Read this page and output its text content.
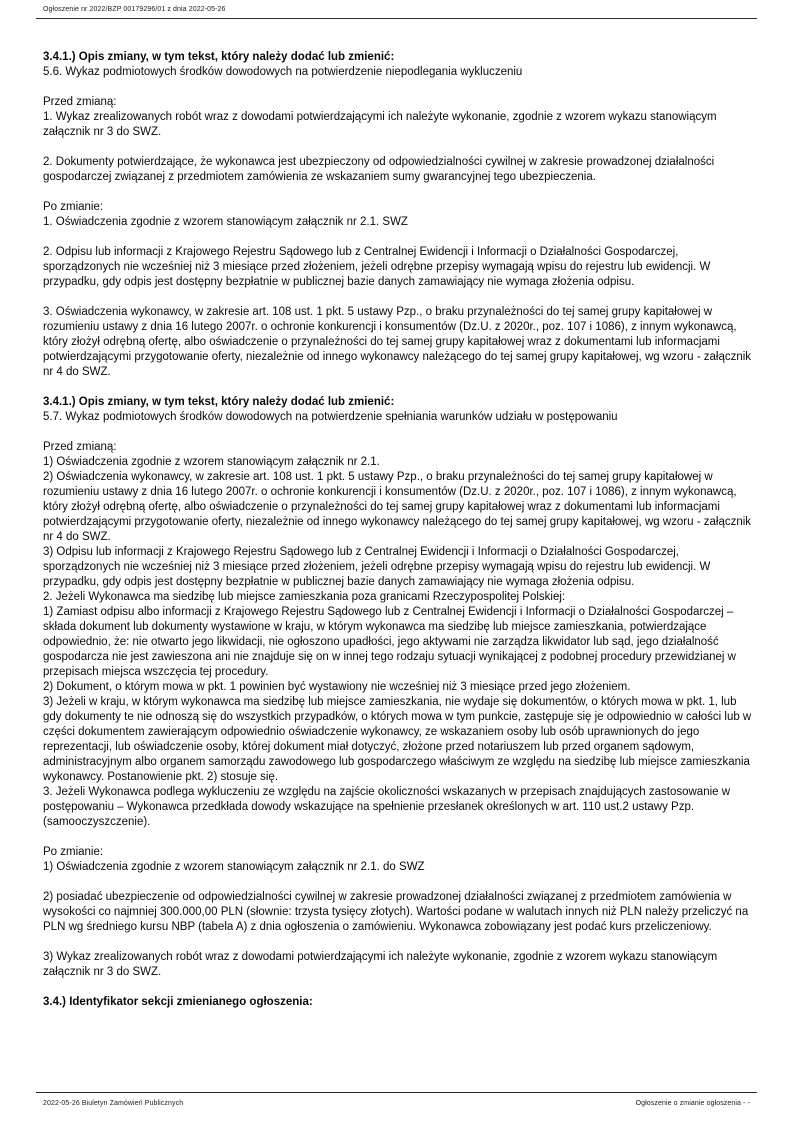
Ogłoszenie nr 2022/BZP 00179296/01 z dnia 2022-05-26

3.4.1.) Opis zmiany, w tym tekst, który należy dodać lub zmienić:

5.6. Wykaz podmiotowych środków dowodowych na potwierdzenie niepodlegania wykluczeniu

Przed zmianą:

1. Wykaz zrealizowanych robót wraz z dowodami potwierdzającymi ich należyte wykonanie, zgodnie z wzorem wykazu stanowiącym załącznik nr 3 do SWZ.

2. Dokumenty potwierdzające, że wykonawca jest ubezpieczony od odpowiedzialności cywilnej w zakresie prowadzonej działalności gospodarczej związanej z przedmiotem zamówienia ze wskazaniem sumy gwarancyjnej tego ubezpieczenia.

Po zmianie:

1. Oświadczenia zgodnie z wzorem stanowiącym załącznik nr 2.1. SWZ

2. Odpisu lub informacji z Krajowego Rejestru Sądowego lub z Centralnej Ewidencji i Informacji o Działalności Gospodarczej, sporządzonych nie wcześniej niż 3 miesiące przed złożeniem, jeżeli odrębne przepisy wymagają wpisu do rejestru lub ewidencji. W przypadku, gdy odpis jest dostępny bezpłatnie w publicznej bazie danych zamawiający nie wymaga złożenia odpisu.

3. Oświadczenia wykonawcy, w zakresie art. 108 ust. 1 pkt. 5 ustawy Pzp., o braku przynależności do tej samej grupy kapitałowej w rozumieniu ustawy z dnia 16 lutego 2007r. o ochronie konkurencji i konsumentów (Dz.U. z 2020r., poz. 107 i 1086), z innym wykonawcą, który złożył odrębną ofertę, albo oświadczenie o przynależności do tej samej grupy kapitałowej wraz z dokumentami lub informacjami potwierdzającymi przygotowanie oferty, niezależnie od innego wykonawcy należącego do tej samej grupy kapitałowej, wg wzoru - załącznik nr 4 do SWZ.

3.4.1.) Opis zmiany, w tym tekst, który należy dodać lub zmienić:

5.7. Wykaz podmiotowych środków dowodowych na potwierdzenie spełniania warunków udziału w postępowaniu

Przed zmianą:

1) Oświadczenia zgodnie z wzorem stanowiącym załącznik nr 2.1.

2) Oświadczenia wykonawcy, w zakresie art. 108 ust. 1 pkt. 5 ustawy Pzp., o braku przynależności do tej samej grupy kapitałowej w rozumieniu ustawy z dnia 16 lutego 2007r. o ochronie konkurencji i konsumentów (Dz.U. z 2020r., poz. 107 i 1086), z innym wykonawcą, który złożył odrębną ofertę, albo oświadczenie o przynależności do tej samej grupy kapitałowej wraz z dokumentami lub informacjami potwierdzającymi przygotowanie oferty, niezależnie od innego wykonawcy należącego do tej samej grupy kapitałowej, wg wzoru - załącznik nr 4 do SWZ.

3) Odpisu lub informacji z Krajowego Rejestru Sądowego lub z Centralnej Ewidencji i Informacji o Działalności Gospodarczej, sporządzonych nie wcześniej niż 3 miesiące przed złożeniem, jeżeli odrębne przepisy wymagają wpisu do rejestru lub ewidencji. W przypadku, gdy odpis jest dostępny bezpłatnie w publicznej bazie danych zamawiający nie wymaga złożenia odpisu.

2. Jeżeli Wykonawca ma siedzibę lub miejsce zamieszkania poza granicami Rzeczypospolitej Polskiej:

1) Zamiast odpisu albo informacji z Krajowego Rejestru Sądowego lub z Centralnej Ewidencji i Informacji o Działalności Gospodarczej – składa dokument lub dokumenty wystawione w kraju, w którym wykonawca ma siedzibę lub miejsce zamieszkania, potwierdzające odpowiednio, że: nie otwarto jego likwidacji, nie ogłoszono upadłości, jego aktywami nie zarządza likwidator lub sąd, jego działalność gospodarcza nie jest zawieszona ani nie znajduje się on w innej tego rodzaju sytuacji wynikającej z podobnej procedury przewidzianej w przepisach miejsca wszczęcia tej procedury.

2) Dokument, o którym mowa w pkt. 1 powinien być wystawiony nie wcześniej niż 3 miesiące przed jego złożeniem.

3) Jeżeli w kraju, w którym wykonawca ma siedzibę lub miejsce zamieszkania, nie wydaje się dokumentów, o których mowa w pkt. 1, lub gdy dokumenty te nie odnoszą się do wszystkich przypadków, o których mowa w tym punkcie, zastępuje się je odpowiednio w całości lub w części dokumentem zawierającym odpowiednio oświadczenie wykonawcy, ze wskazaniem osoby lub osób uprawnionych do jego reprezentacji, lub oświadczenie osoby, której dokument miał dotyczyć, złożone przed notariuszem lub przed organem sądowym, administracyjnym albo organem samorządu zawodowego lub gospodarczego właściwym ze względu na siedzibę lub miejsce zamieszkania wykonawcy. Postanowienie pkt. 2) stosuje się.

3. Jeżeli Wykonawca podlega wykluczeniu ze względu na zajście okoliczności wskazanych w przepisach znajdujących zastosowanie w postępowaniu – Wykonawca przedkłada dowody wskazujące na spełnienie przesłanek określonych w art. 110 ust.2 ustawy Pzp. (samooczyszczenie).

Po zmianie:

1) Oświadczenia zgodnie z wzorem stanowiącym załącznik nr 2.1. do SWZ

2) posiadać ubezpieczenie od odpowiedzialności cywilnej w zakresie prowadzonej działalności związanej z przedmiotem zamówienia w wysokości co najmniej 300.000,00 PLN (słownie: trzysta tysięcy złotych). Wartości podane w walutach innych niż PLN należy przeliczyć na PLN wg średniego kursu NBP (tabela A) z dnia ogłoszenia o zamówieniu. Wykonawca zobowiązany jest podać kurs przeliczeniowy.

3) Wykaz zrealizowanych robót wraz z dowodami potwierdzającymi ich należyte wykonanie, zgodnie z wzorem wykazu stanowiącym załącznik nr 3 do SWZ.

3.4.) Identyfikator sekcji zmienianego ogłoszenia:

2022-05-26 Biuletyn Zamówień Publicznych	Ogłoszenie o zmianie ogłoszenia - -
